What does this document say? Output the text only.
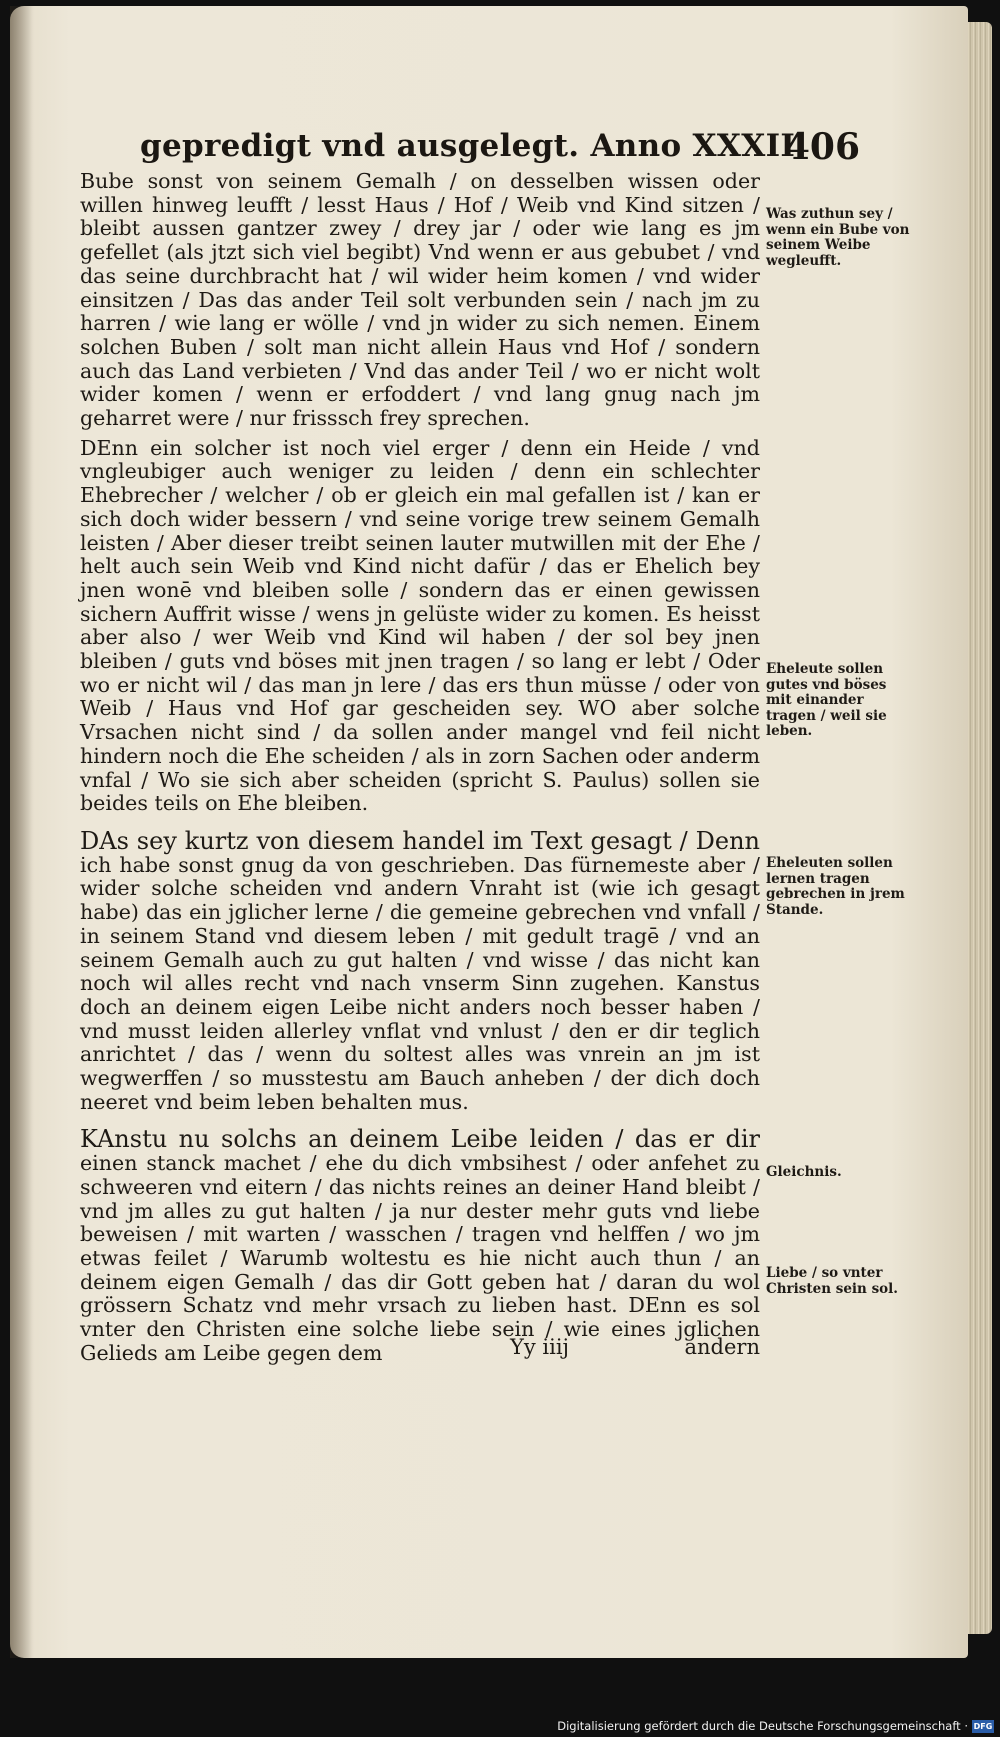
gepredigt vnd ausgelegt. Anno XXXII.
406

Bube sonst von seinem Gemalh / on desselben wissen oder willen hinweg leufft / lesst Haus / Hof / Weib vnd Kind sitzen / bleibt aussen gantzer zwey / drey jar / oder wie lang es jm gefellet (als jtzt sich viel begibt) Vnd wenn er aus gebubet / vnd das seine durchbracht hat / wil wider heim komen / vnd wider einsitzen / Das das ander Teil solt verbunden sein / nach jm zu harren / wie lang er wölle / vnd jn wider zu sich nemen. Einem solchen Buben / solt man nicht allein Haus vnd Hof / sondern auch das Land verbieten / Vnd das ander Teil / wo er nicht wolt wider komen / wenn er erfoddert / vnd lang gnug nach jm geharret were / nur frisssch frey sprechen.

DEnn ein solcher ist noch viel erger / denn ein Heide / vnd vngleubiger auch weniger zu leiden / denn ein schlechter Ehebrecher / welcher / ob er gleich ein mal gefallen ist / kan er sich doch wider bessern / vnd seine vorige trew seinem Gemalh leisten / Aber dieser treibt seinen lauter mutwillen mit der Ehe / helt auch sein Weib vnd Kind nicht dafür / das er Ehelich bey jnen wonē vnd bleiben solle / sondern das er einen gewissen sichern Auffrit wisse / wens jn gelüste wider zu komen. Es heisst aber also / wer Weib vnd Kind wil haben / der sol bey jnen bleiben / guts vnd böses mit jnen tragen / so lang er lebt / Oder wo er nicht wil / das man jn lere / das ers thun müsse / oder von Weib / Haus vnd Hof gar gescheiden sey. WO aber solche Vrsachen nicht sind / da sollen ander mangel vnd feil nicht hindern noch die Ehe scheiden / als in zorn Sachen oder anderm vnfal / Wo sie sich aber scheiden (spricht S. Paulus) sollen sie beides teils on Ehe bleiben.

DAs sey kurtz von diesem handel im Text gesagt / Denn ich habe sonst gnug da von geschrieben. Das fürnemeste aber / wider solche scheiden vnd andern Vnraht ist (wie ich gesagt habe) das ein jglicher lerne / die gemeine gebrechen vnd vnfall / in seinem Stand vnd diesem leben / mit gedult tragē / vnd an seinem Gemalh auch zu gut halten / vnd wisse / das nicht kan noch wil alles recht vnd nach vnserm Sinn zugehen. Kanstus doch an deinem eigen Leibe nicht anders noch besser haben / vnd musst leiden allerley vnflat vnd vnlust / den er dir teglich anrichtet / das / wenn du soltest alles was vnrein an jm ist wegwerffen / so musstestu am Bauch anheben / der dich doch neeret vnd beim leben behalten mus.

KAnstu nu solchs an deinem Leibe leiden / das er dir einen stanck machet / ehe du dich vmbsihest / oder anfehet zu schweeren vnd eitern / das nichts reines an deiner Hand bleibt / vnd jm alles zu gut halten / ja nur dester mehr guts vnd liebe beweisen / mit warten / wasschen / tragen vnd helffen / wo jm etwas feilet / Warumb woltestu es hie nicht auch thun / an deinem eigen Gemalh / das dir Gott geben hat / daran du wol grössern Schatz vnd mehr vrsach zu lieben hast. DEnn es sol vnter den Christen eine solche liebe sein / wie eines jglichen Gelieds am Leibe gegen dem	Yy iiij	andern
Was zuthun sey / wenn ein Bube von seinem Weibe wegleufft.
Eheleute sollen gutes vnd böses mit einander tragen / weil sie leben.
Eheleuten sollen lernen tragen gebrechen in jrem Stande.
Gleichnis.
Liebe / so vnter Christen sein sol.
Digitalisierung gefördert durch die Deutsche Forschungsgemeinschaft · DFG
